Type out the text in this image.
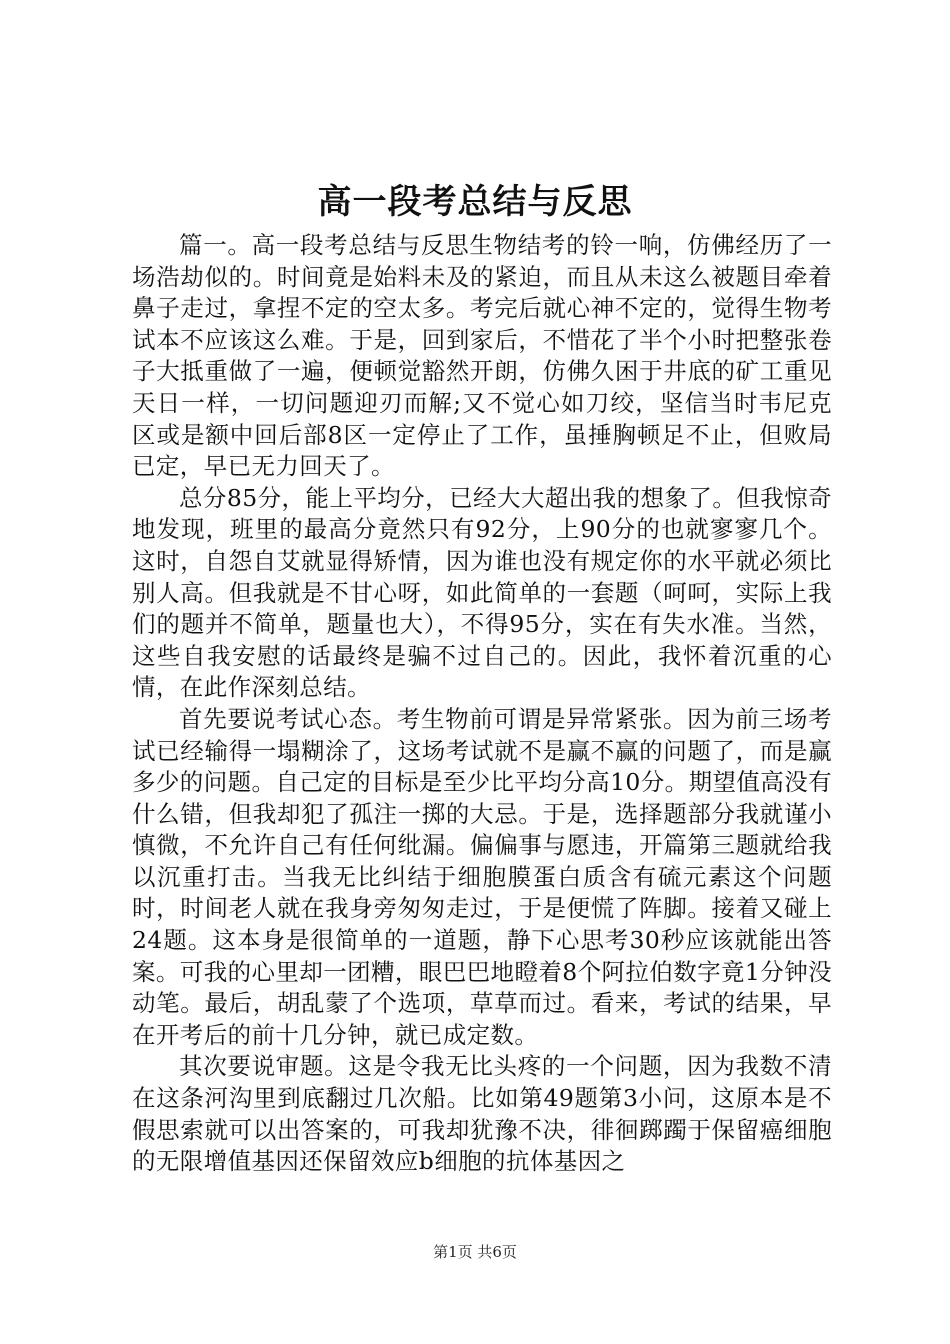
高一段考总结与反思

篇一。高一段考总结与反思生物结考的铃一响，仿佛经历了一场浩劫似的。时间竟是始料未及的紧迫，而且从未这么被题目牵着鼻子走过，拿捏不定的空太多。考完后就心神不定的，觉得生物考试本不应该这么难。于是，回到家后，不惜花了半个小时把整张卷子大抵重做了一遍，便顿觉豁然开朗，仿佛久困于井底的矿工重见天日一样，一切问题迎刃而解;又不觉心如刀绞，坚信当时韦尼克区或是额中回后部8区一定停止了工作，虽捶胸顿足不止，但败局已定，早已无力回天了。

总分85分，能上平均分，已经大大超出我的想象了。但我惊奇地发现，班里的最高分竟然只有92分，上90分的也就寥寥几个。这时，自怨自艾就显得矫情，因为谁也没有规定你的水平就必须比别人高。但我就是不甘心呀，如此简单的一套题（呵呵，实际上我们的题并不简单，题量也大），不得95分，实在有失水准。当然，这些自我安慰的话最终是骗不过自己的。因此，我怀着沉重的心情，在此作深刻总结。

首先要说考试心态。考生物前可谓是异常紧张。因为前三场考试已经输得一塌糊涂了，这场考试就不是赢不赢的问题了，而是赢多少的问题。自己定的目标是至少比平均分高10分。期望值高没有什么错，但我却犯了孤注一掷的大忌。于是，选择题部分我就谨小慎微，不允许自己有任何纰漏。偏偏事与愿违，开篇第三题就给我以沉重打击。当我无比纠结于细胞膜蛋白质含有硫元素这个问题时，时间老人就在我身旁匆匆走过，于是便慌了阵脚。接着又碰上24题。这本身是很简单的一道题，静下心思考30秒应该就能出答案。可我的心里却一团糟，眼巴巴地瞪着8个阿拉伯数字竟1分钟没动笔。最后，胡乱蒙了个选项，草草而过。看来，考试的结果，早在开考后的前十几分钟，就已成定数。

其次要说审题。这是令我无比头疼的一个问题，因为我数不清在这条河沟里到底翻过几次船。比如第49题第3小问，这原本是不假思索就可以出答案的，可我却犹豫不决，徘徊踯躅于保留癌细胞的无限增值基因还保留效应b细胞的抗体基因之

第1页 共6页
